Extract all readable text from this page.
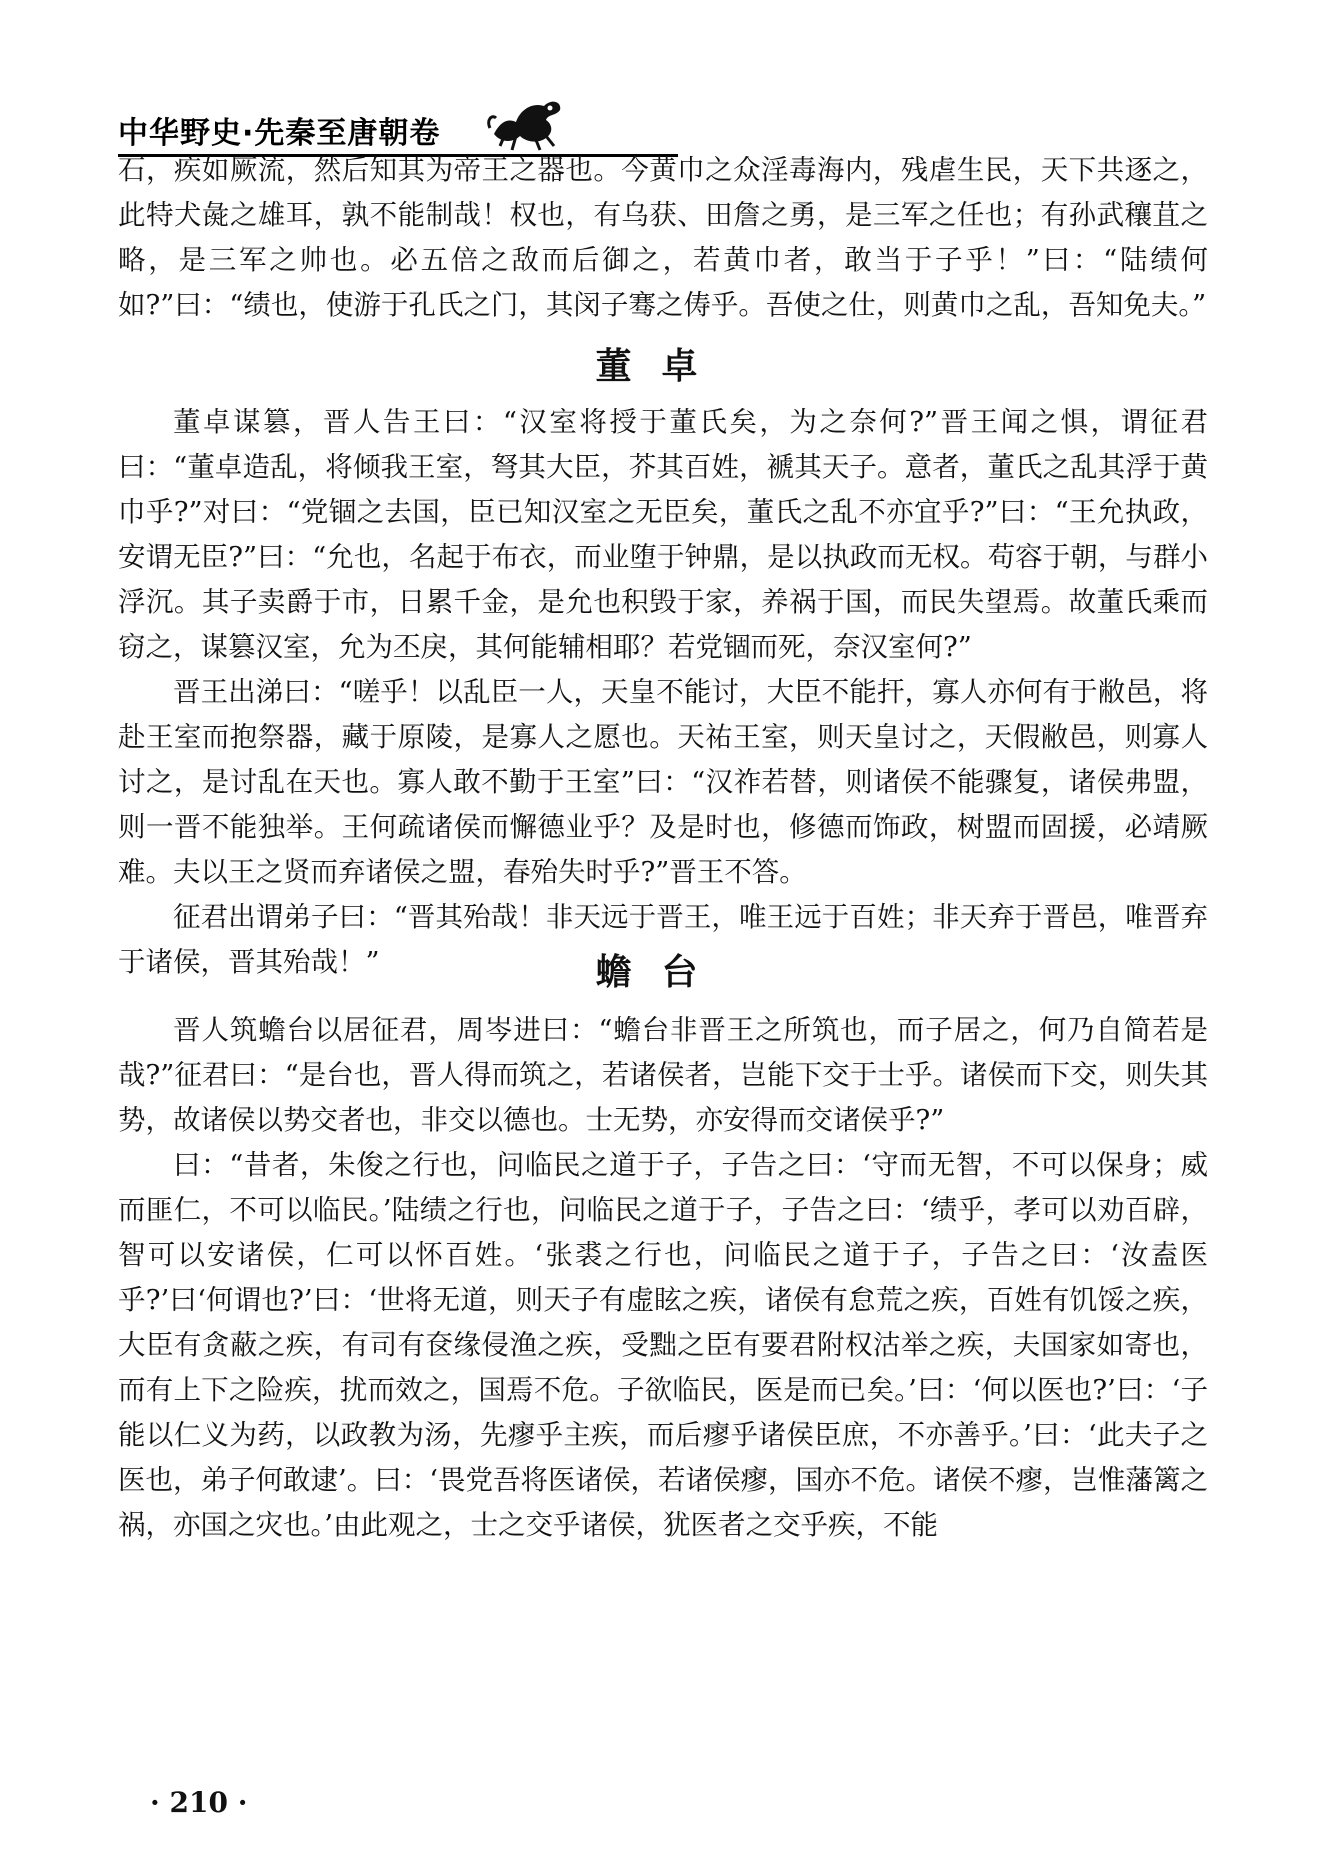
中华野史·先秦至唐朝卷

石，疾如厥流，然后知其为帝王之器也。今黄巾之众淫毒海内，残虐生民，天下共逐之，此特犬彘之雄耳，孰不能制哉！权也，有乌获、田詹之勇，是三军之任也；有孙武穰苴之略，是三军之帅也。必五倍之敌而后御之，若黄巾者，敢当于子乎！”曰：“陆绩何如?”曰：“绩也，使游于孔氏之门，其闵子骞之俦乎。吾使之仕，则黄巾之乱，吾知免夫。”

董卓

董卓谋篡，晋人告王曰：“汉室将授于董氏矣，为之奈何?”晋王闻之惧，谓征君曰：“董卓造乱，将倾我王室，弩其大臣，芥其百姓，褫其天子。意者，董氏之乱其浮于黄巾乎?”对曰：“党锢之去国，臣已知汉室之无臣矣，董氏之乱不亦宜乎?”曰：“王允执政，安谓无臣?”曰：“允也，名起于布衣，而业堕于钟鼎，是以执政而无权。苟容于朝，与群小浮沉。其子卖爵于市，日累千金，是允也积毁于家，养祸于国，而民失望焉。故董氏乘而窃之，谋篡汉室，允为丕戾，其何能辅相耶？若党锢而死，奈汉室何?”

晋王出涕曰：“嗟乎！以乱臣一人，天皇不能讨，大臣不能扞，寡人亦何有于敝邑，将赴王室而抱祭器，藏于原陵，是寡人之愿也。天祐王室，则天皇讨之，天假敝邑，则寡人讨之，是讨乱在天也。寡人敢不勤于王室”曰：“汉祚若替，则诸侯不能骤复，诸侯弗盟，则一晋不能独举。王何疏诸侯而懈德业乎？及是时也，修德而饰政，树盟而固援，必靖厥难。夫以王之贤而弃诸侯之盟，春殆失时乎?”晋王不答。

征君出谓弟子曰：“晋其殆哉！非天远于晋王，唯王远于百姓；非天弃于晋邑，唯晋弃于诸侯，晋其殆哉！”	蟾台

晋人筑蟾台以居征君，周岑进曰：“蟾台非晋王之所筑也，而子居之，何乃自简若是哉?”征君曰：“是台也，晋人得而筑之，若诸侯者，岂能下交于士乎。诸侯而下交，则失其势，故诸侯以势交者也，非交以德也。士无势，亦安得而交诸侯乎?”

曰：“昔者，朱俊之行也，问临民之道于子，子告之曰：‘守而无智，不可以保身；威而匪仁，不可以临民。’陆绩之行也，问临民之道于子，子告之曰：‘绩乎，孝可以劝百辟，智可以安诸侯，仁可以怀百姓。‘张裘之行也，问临民之道于子，子告之曰：‘汝盍医乎?’曰‘何谓也?’曰：‘世将无道，则天子有虚眩之疾，诸侯有怠荒之疾，百姓有饥馁之疾，大臣有贪蔽之疾，有司有奁缘侵渔之疾，受黜之臣有要君附权沽举之疾，夫国家如寄也，而有上下之险疾，扰而效之，国焉不危。子欲临民，医是而已矣。’曰：‘何以医也?’曰：‘子能以仁义为药，以政教为汤，先瘳乎主疾，而后瘳乎诸侯臣庶，不亦善乎。’曰：‘此夫子之医也，弟子何敢逮’。曰：‘畏党吾将医诸侯，若诸侯瘳，国亦不危。诸侯不瘳，岂惟藩篱之祸，亦国之灾也。’由此观之，士之交乎诸侯，犹医者之交乎疾，不能

· 210 ·
